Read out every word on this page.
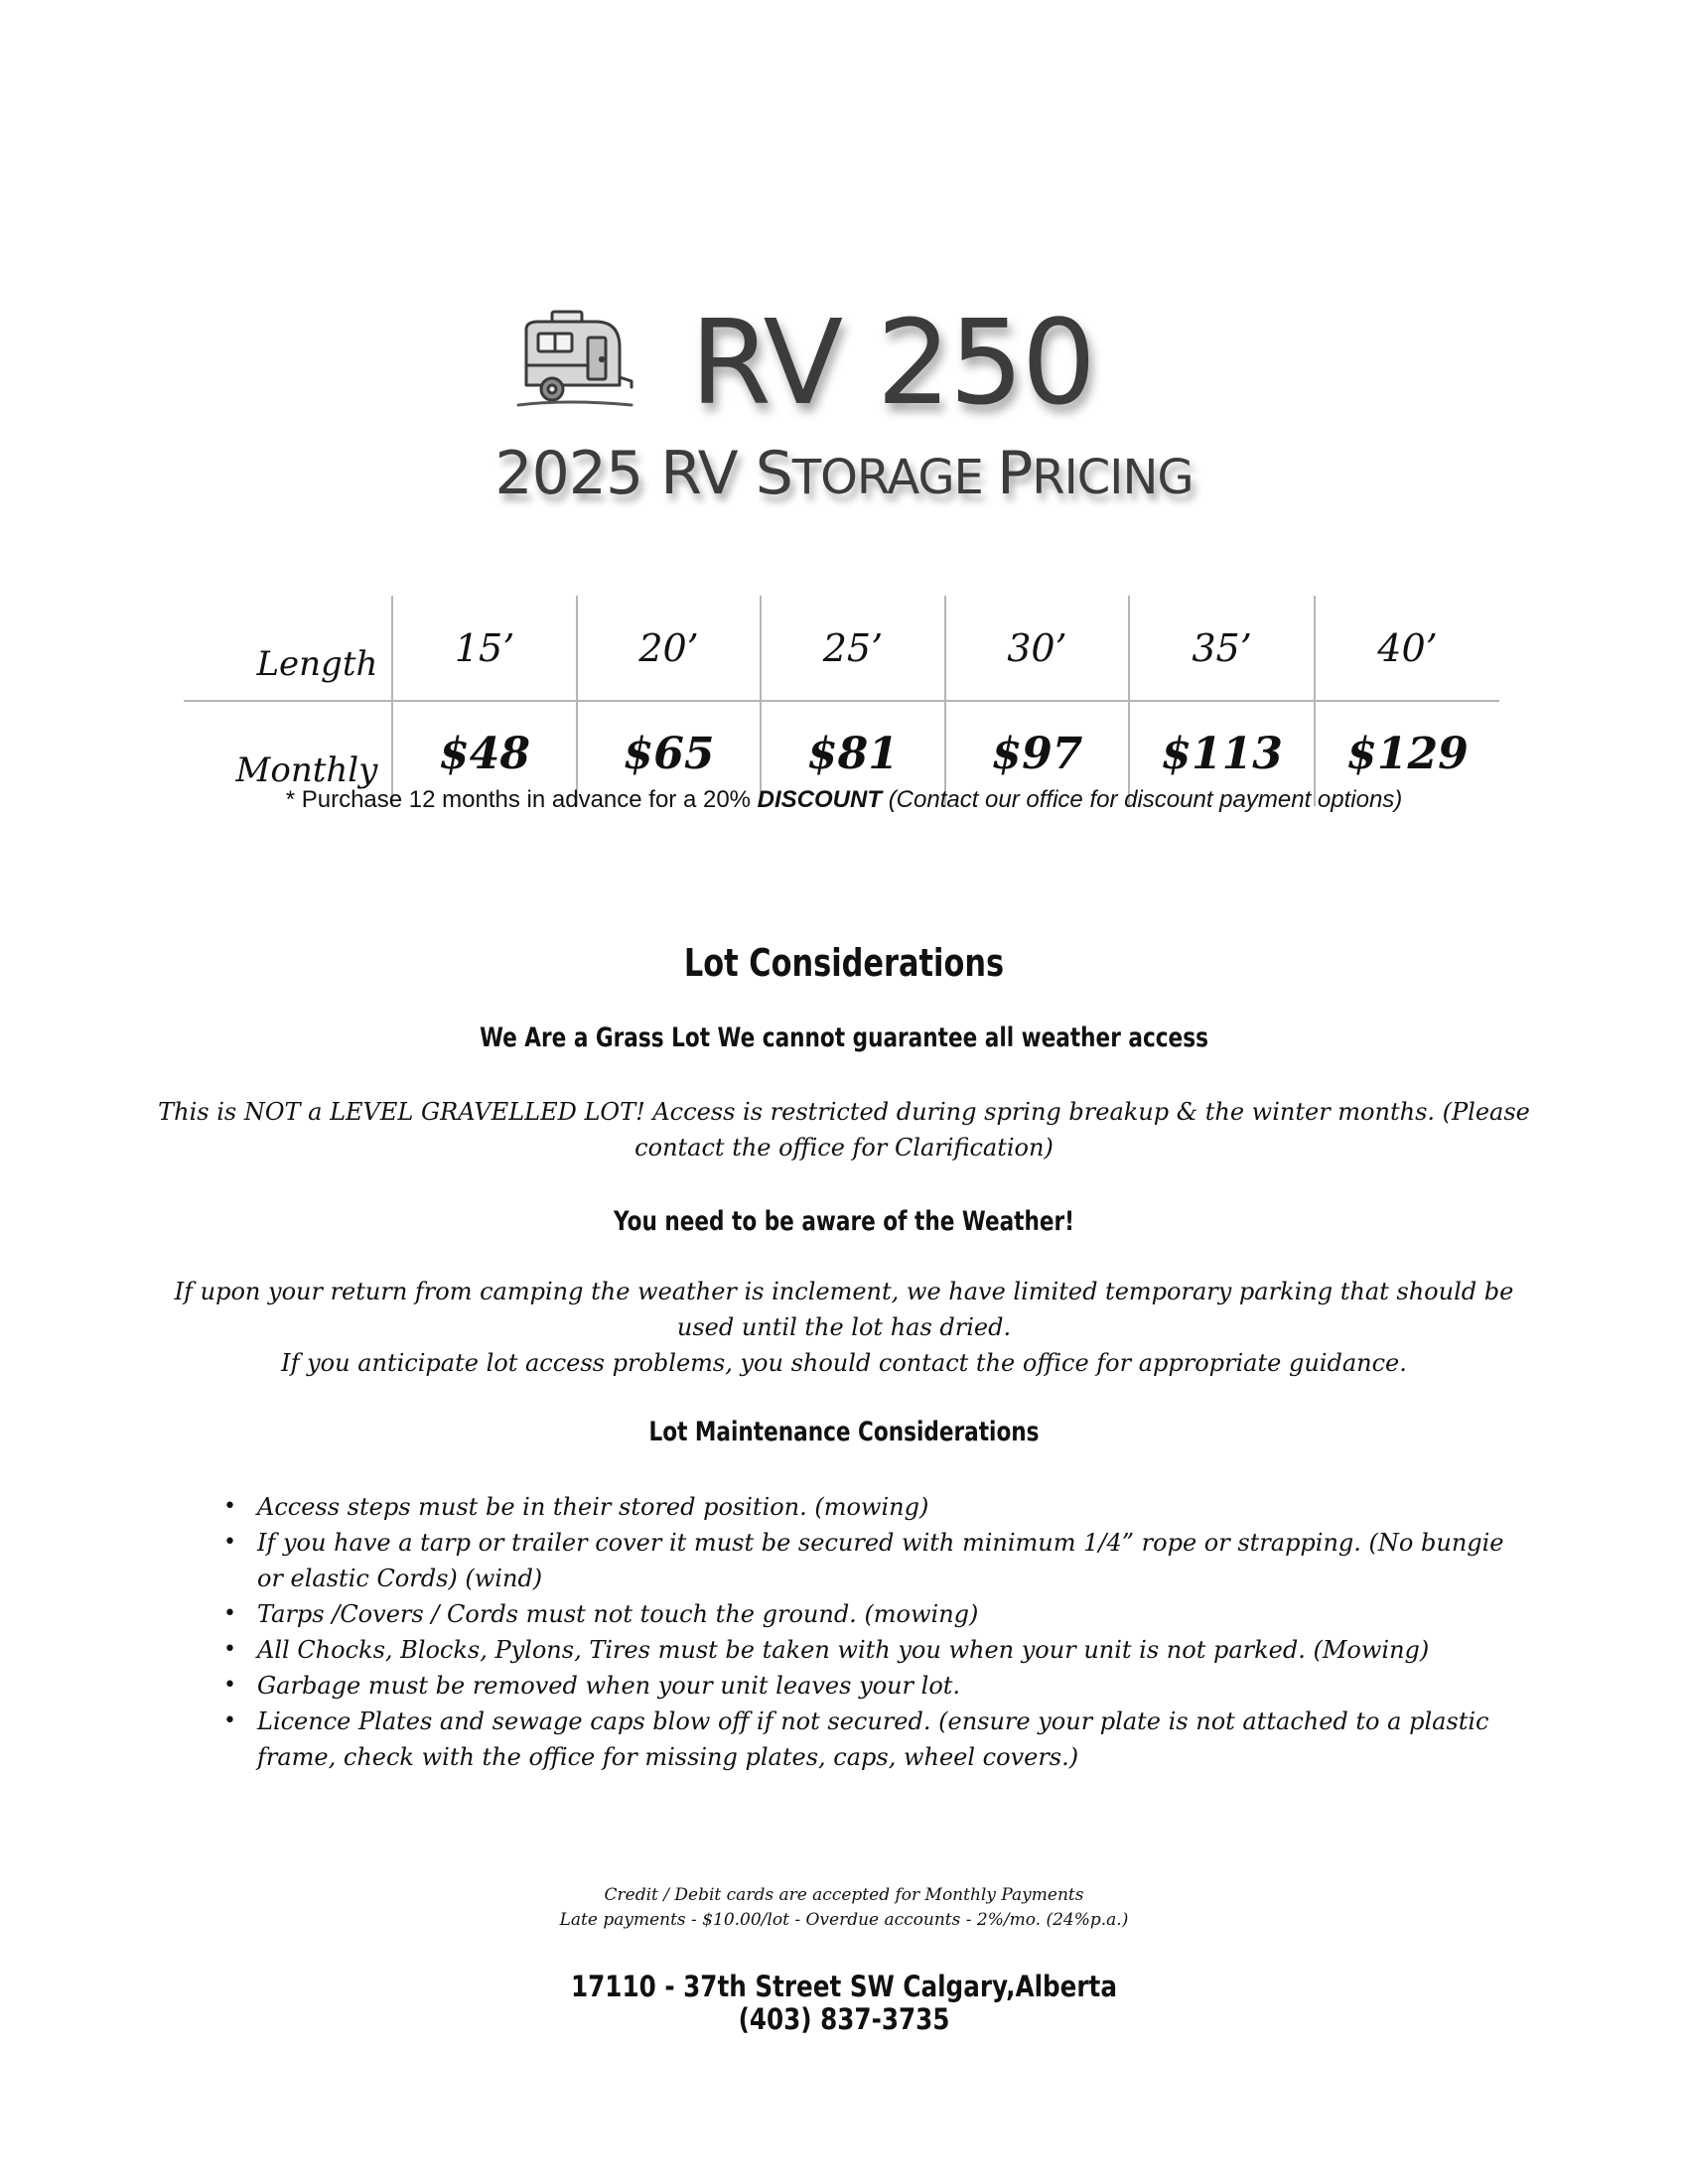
RV 250
2025 RV STORAGE PRICING
Length	15’	20’	25’	30’	35’	40’
Monthly	$48	$65	$81	$97	$113	$129
* Purchase 12 months in advance for a 20% DISCOUNT (Contact our office for discount payment options)
Lot Considerations
We Are a Grass Lot We cannot guarantee all weather access

This is NOT a LEVEL GRAVELLED LOT! Access is restricted during spring breakup & the winter months. (Please contact the office for Clarification)

You need to be aware of the Weather!

If upon your return from camping the weather is inclement, we have limited temporary parking that should be used until the lot has dried.

If you anticipate lot access problems, you should contact the office for appropriate guidance.

Lot Maintenance Considerations
• Access steps must be in their stored position. (mowing)
• If you have a tarp or trailer cover it must be secured with minimum 1/4” rope or strapping. (No bungie or elastic Cords) (wind)
• Tarps /Covers / Cords must not touch the ground. (mowing)
• All Chocks, Blocks, Pylons, Tires must be taken with you when your unit is not parked. (Mowing)
• Garbage must be removed when your unit leaves your lot.
• Licence Plates and sewage caps blow off if not secured. (ensure your plate is not attached to a plastic frame, check with the office for missing plates, caps, wheel covers.)

Credit / Debit cards are accepted for Monthly Payments

Late payments - $10.00/lot - Overdue accounts - 2%/mo. (24%p.a.)

17110 - 37th Street SW Calgary,Alberta

(403) 837-3735
